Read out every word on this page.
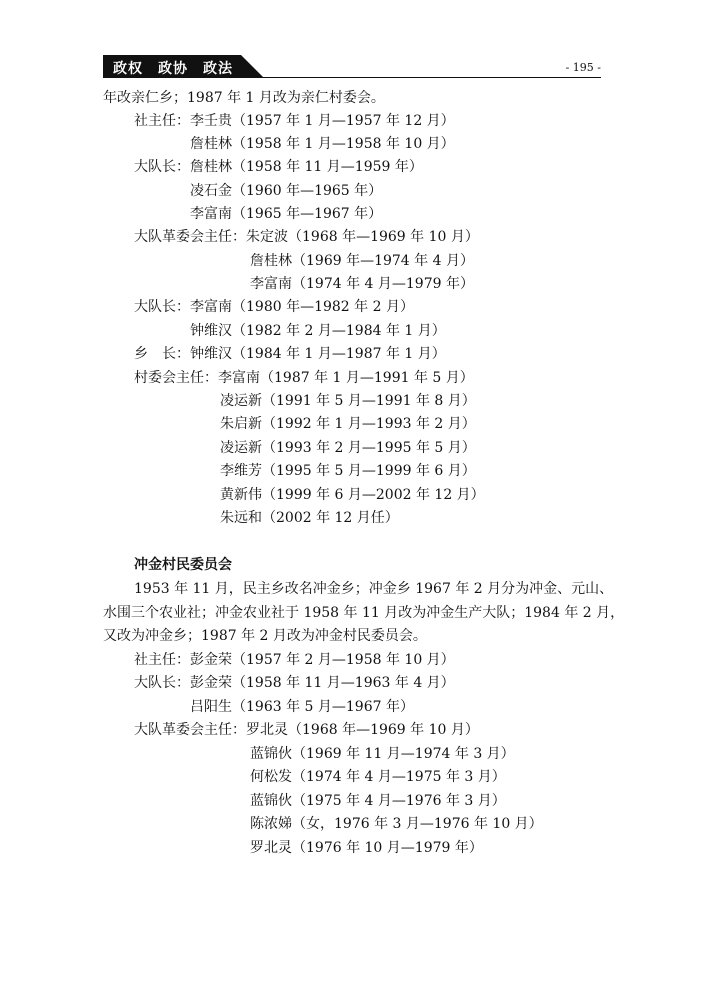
政权　政协　政法	- 195 -
年改亲仁乡；1987 年 1 月改为亲仁村委会。
社主任：李壬贵（1957 年 1 月—1957 年 12 月）
詹桂林（1958 年 1 月—1958 年 10 月）
大队长：詹桂林（1958 年 11 月—1959 年）
凌石金（1960 年—1965 年）
李富南（1965 年—1967 年）
大队革委会主任：朱定波（1968 年—1969 年 10 月）
詹桂林（1969 年—1974 年 4 月）
李富南（1974 年 4 月—1979 年）
大队长：李富南（1980 年—1982 年 2 月）
钟维汉（1982 年 2 月—1984 年 1 月）
乡　长：钟维汉（1984 年 1 月—1987 年 1 月）
村委会主任：李富南（1987 年 1 月—1991 年 5 月）
凌运新（1991 年 5 月—1991 年 8 月）
朱启新（1992 年 1 月—1993 年 2 月）
凌运新（1993 年 2 月—1995 年 5 月）
李维芳（1995 年 5 月—1999 年 6 月）
黄新伟（1999 年 6 月—2002 年 12 月）
朱远和（2002 年 12 月任）
冲金村民委员会
1953 年 11 月，民主乡改名冲金乡；冲金乡 1967 年 2 月分为冲金、元山、
水围三个农业社；冲金农业社于 1958 年 11 月改为冲金生产大队；1984 年 2 月，
又改为冲金乡；1987 年 2 月改为冲金村民委员会。
社主任：彭金荣（1957 年 2 月—1958 年 10 月）
大队长：彭金荣（1958 年 11 月—1963 年 4 月）
吕阳生（1963 年 5 月—1967 年）
大队革委会主任：罗北灵（1968 年—1969 年 10 月）
蓝锦伙（1969 年 11 月—1974 年 3 月）
何松发（1974 年 4 月—1975 年 3 月）
蓝锦伙（1975 年 4 月—1976 年 3 月）
陈浓娣（女，1976 年 3 月—1976 年 10 月）
罗北灵（1976 年 10 月—1979 年）
